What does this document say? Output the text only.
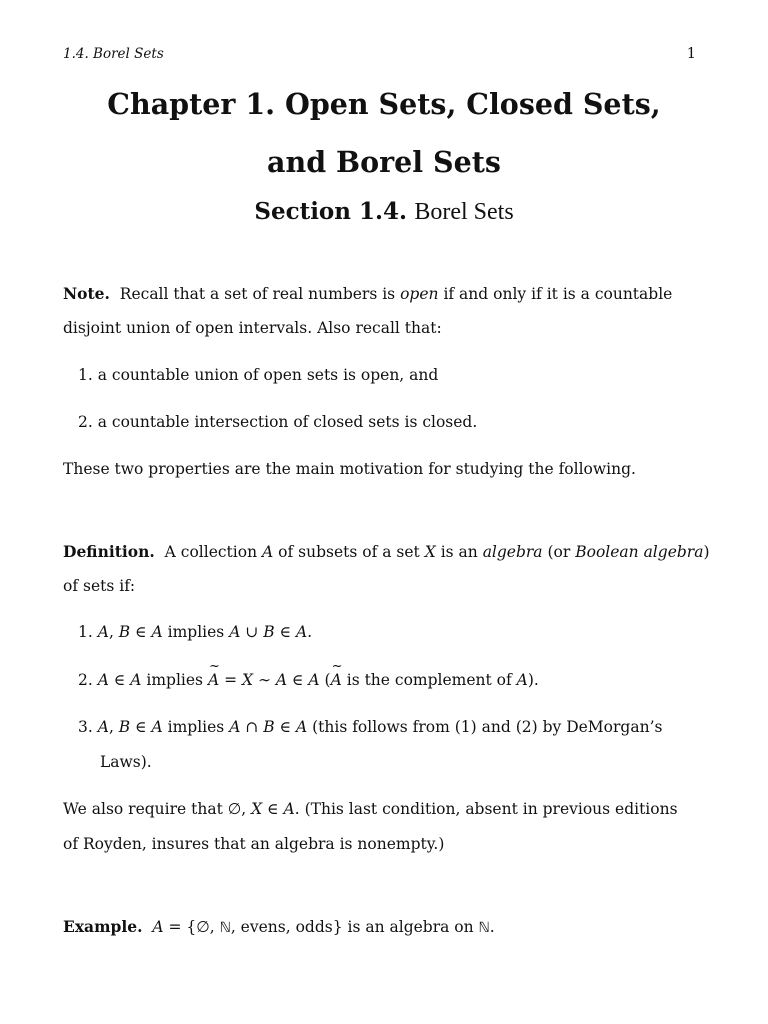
1.4. Borel Sets	1
Chapter 1. Open Sets, Closed Sets,
and Borel Sets
Section 1.4. Borel Sets
Note. Recall that a set of real numbers is open if and only if it is a countable
disjoint union of open intervals. Also recall that:
1. a countable union of open sets is open, and
2. a countable intersection of closed sets is closed.
These two properties are the main motivation for studying the following.
Definition. A collection A of subsets of a set X is an algebra (or Boolean algebra)
of sets if:
1. A, B ∈ A implies A ∪ B ∈ A.
2. A ∈ A implies ~ A = X ∼ A ∈ A (~ A is the complement of A).
3. A, B ∈ A implies A ∩ B ∈ A (this follows from (1) and (2) by DeMorgan’s
Laws).
We also require that ∅, X ∈ A. (This last condition, absent in previous editions
of Royden, insures that an algebra is nonempty.)
Example. A = {∅, ℕ, evens, odds} is an algebra on ℕ.
